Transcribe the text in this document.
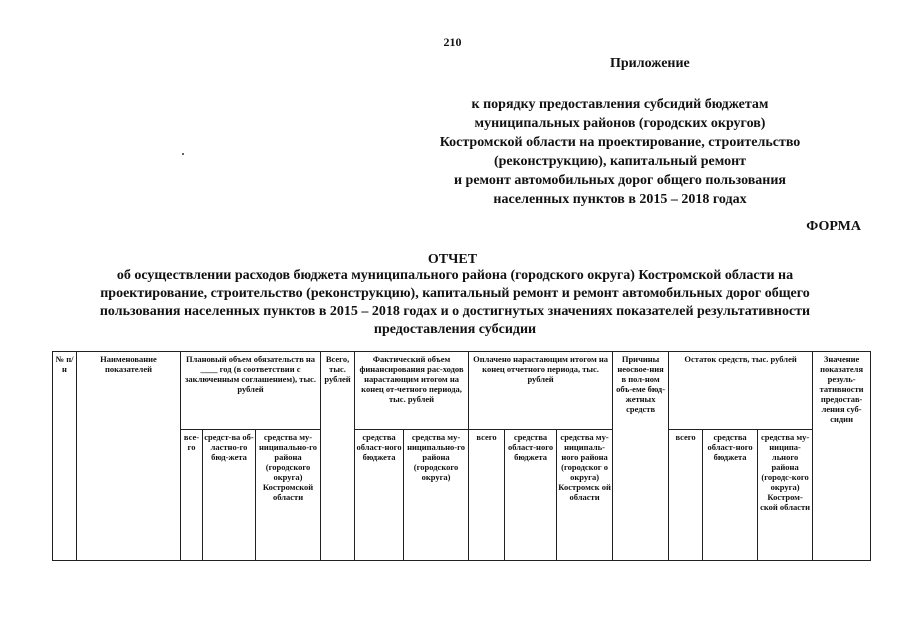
210
Приложение
к порядку предоставления субсидий бюджетам
муниципальных районов (городских округов)
Костромской области на проектирование, строительство
(реконструкцию), капитальный ремонт
и ремонт автомобильных дорог общего пользования
населенных пунктов в 2015 – 2018 годах
ФОРМА
ОТЧЕТ
об осуществлении расходов бюджета муниципального района (городского округа) Костромской области на
проектирование, строительство (реконструкцию), капитальный ремонт и ремонт автомобильных дорог общего
пользования населенных пунктов в 2015 – 2018 годах и о достигнутых значениях показателей результативности
предоставления субсидии
№ п/н	Наименование показателей	Плановый объем обязательств на ____ год (в соответствии с заключенным соглашением), тыс. рублей			Всего, тыс. рублей	Фактический объем финансирования рас-ходов нарастающим итогом на конец от-четного периода, тыс. рублей		Оплачено нарастающим итогом на конец отчетного периода, тыс. рублей			Причины неосвое-ния в пол-ном объ-еме бюд-жетных средств	Остаток средств, тыс. рублей			Значение показателя резуль-тативности предостав-ления суб-сидии
		все-го	средст-ва об-ластно-го бюд-жета	средства му-ниципально-го района (городского округа) Костромской области		средства област-ного бюджета	средства му-ниципально-го района (городского округа)	всего	средства област-ного бюджета	средства му-ниципаль-ного района (городског о округа) Костромск ой области		всего	средства област-ного бюджета	средства му-ниципа-льного района (городс-кого округа) Костром-ской области	
